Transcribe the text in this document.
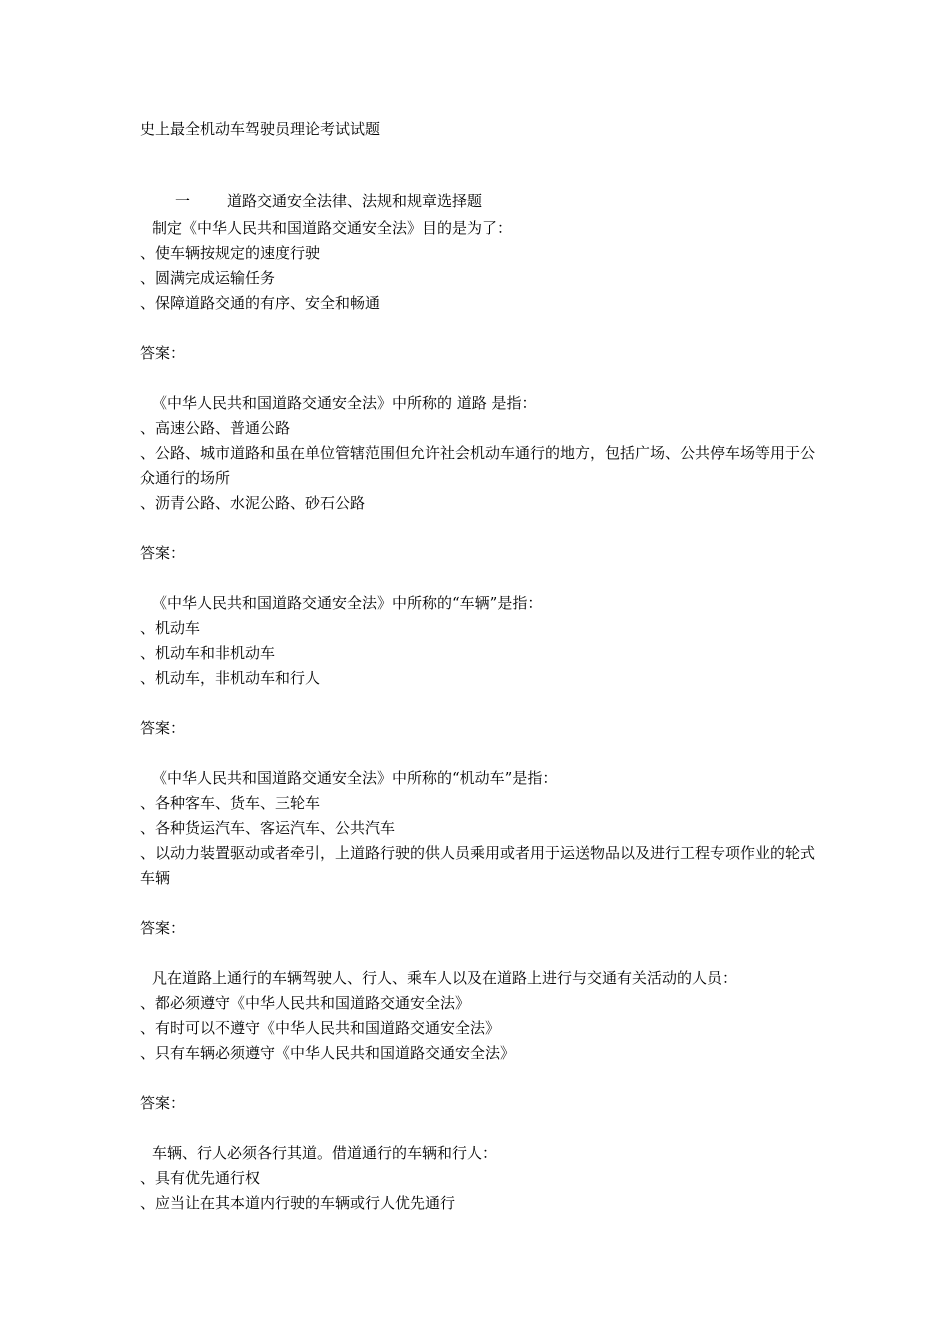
史上最全机动车驾驶员理论考试试题
一 道路交通安全法律、法规和规章选择题
制定《中华人民共和国道路交通安全法》目的是为了：
、使车辆按规定的速度行驶
、圆满完成运输任务
、保障道路交通的有序、安全和畅通
答案：
《中华人民共和国道路交通安全法》中所称的 道路 是指：
、高速公路、普通公路
、公路、城市道路和虽在单位管辖范围但允许社会机动车通行的地方，包括广场、公共停车场等用于公众通行的场所
、沥青公路、水泥公路、砂石公路
答案：
《中华人民共和国道路交通安全法》中所称的“车辆”是指：
、机动车
、机动车和非机动车
、机动车，非机动车和行人
答案：
《中华人民共和国道路交通安全法》中所称的“机动车”是指：
、各种客车、货车、三轮车
、各种货运汽车、客运汽车、公共汽车
、以动力装置驱动或者牵引，上道路行驶的供人员乘用或者用于运送物品以及进行工程专项作业的轮式车辆
答案：
凡在道路上通行的车辆驾驶人、行人、乘车人以及在道路上进行与交通有关活动的人员：
、都必须遵守《中华人民共和国道路交通安全法》
、有时可以不遵守《中华人民共和国道路交通安全法》
、只有车辆必须遵守《中华人民共和国道路交通安全法》
答案：
车辆、行人必须各行其道。借道通行的车辆和行人：
、具有优先通行权
、应当让在其本道内行驶的车辆或行人优先通行
